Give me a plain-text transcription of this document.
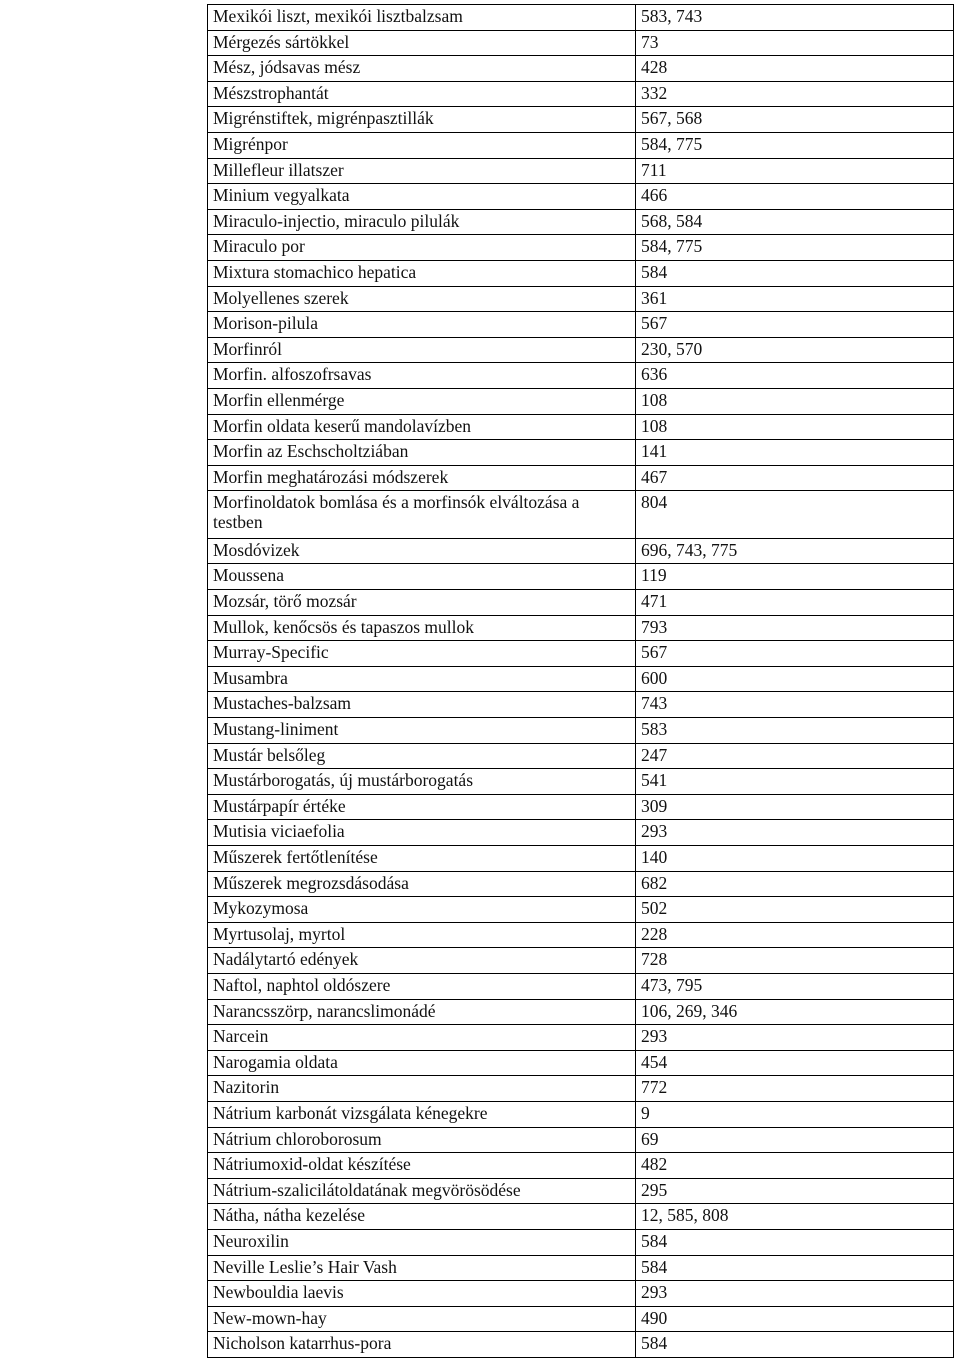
Mexikói liszt, mexikói lisztbalzsam	583, 743
Mérgezés sártökkel	73
Mész, jódsavas mész	428
Mészstrophantát	332
Migrénstiftek, migrénpasztillák	567, 568
Migrénpor	584, 775
Millefleur illatszer	711
Minium vegyalkata	466
Miraculo-injectio, miraculo pilulák	568, 584
Miraculo por	584, 775
Mixtura stomachico hepatica	584
Molyellenes szerek	361
Morison-pilula	567
Morfinról	230, 570
Morfin. alfoszofrsavas	636
Morfin ellenmérge	108
Morfin oldata keserű mandolavízben	108
Morfin az Eschscholtziában	141
Morfin meghatározási módszerek	467
Morfinoldatok bomlása és a morfinsók elváltozása a testben	804
Mosdóvizek	696, 743, 775
Moussena	119
Mozsár, törő mozsár	471
Mullok, kenőcsös és tapaszos mullok	793
Murray-Specific	567
Musambra	600
Mustaches-balzsam	743
Mustang-liniment	583
Mustár belsőleg	247
Mustárborogatás, új mustárborogatás	541
Mustárpapír értéke	309
Mutisia viciaefolia	293
Műszerek fertőtlenítése	140
Műszerek megrozsdásodása	682
Mykozymosa	502
Myrtusolaj, myrtol	228
Nadálytartó edények	728
Naftol, naphtol oldószere	473, 795
Narancsszörp, narancslimonádé	106, 269, 346
Narcein	293
Narogamia oldata	454
Nazitorin	772
Nátrium karbonát vizsgálata kénegekre	9
Nátrium chloroborosum	69
Nátriumoxid-oldat készítése	482
Nátrium-szalicilátoldatának megvörösödése	295
Nátha, nátha kezelése	12, 585, 808
Neuroxilin	584
Neville Leslie’s Hair Vash	584
Newbouldia laevis	293
New-mown-hay	490
Nicholson katarrhus-pora	584
